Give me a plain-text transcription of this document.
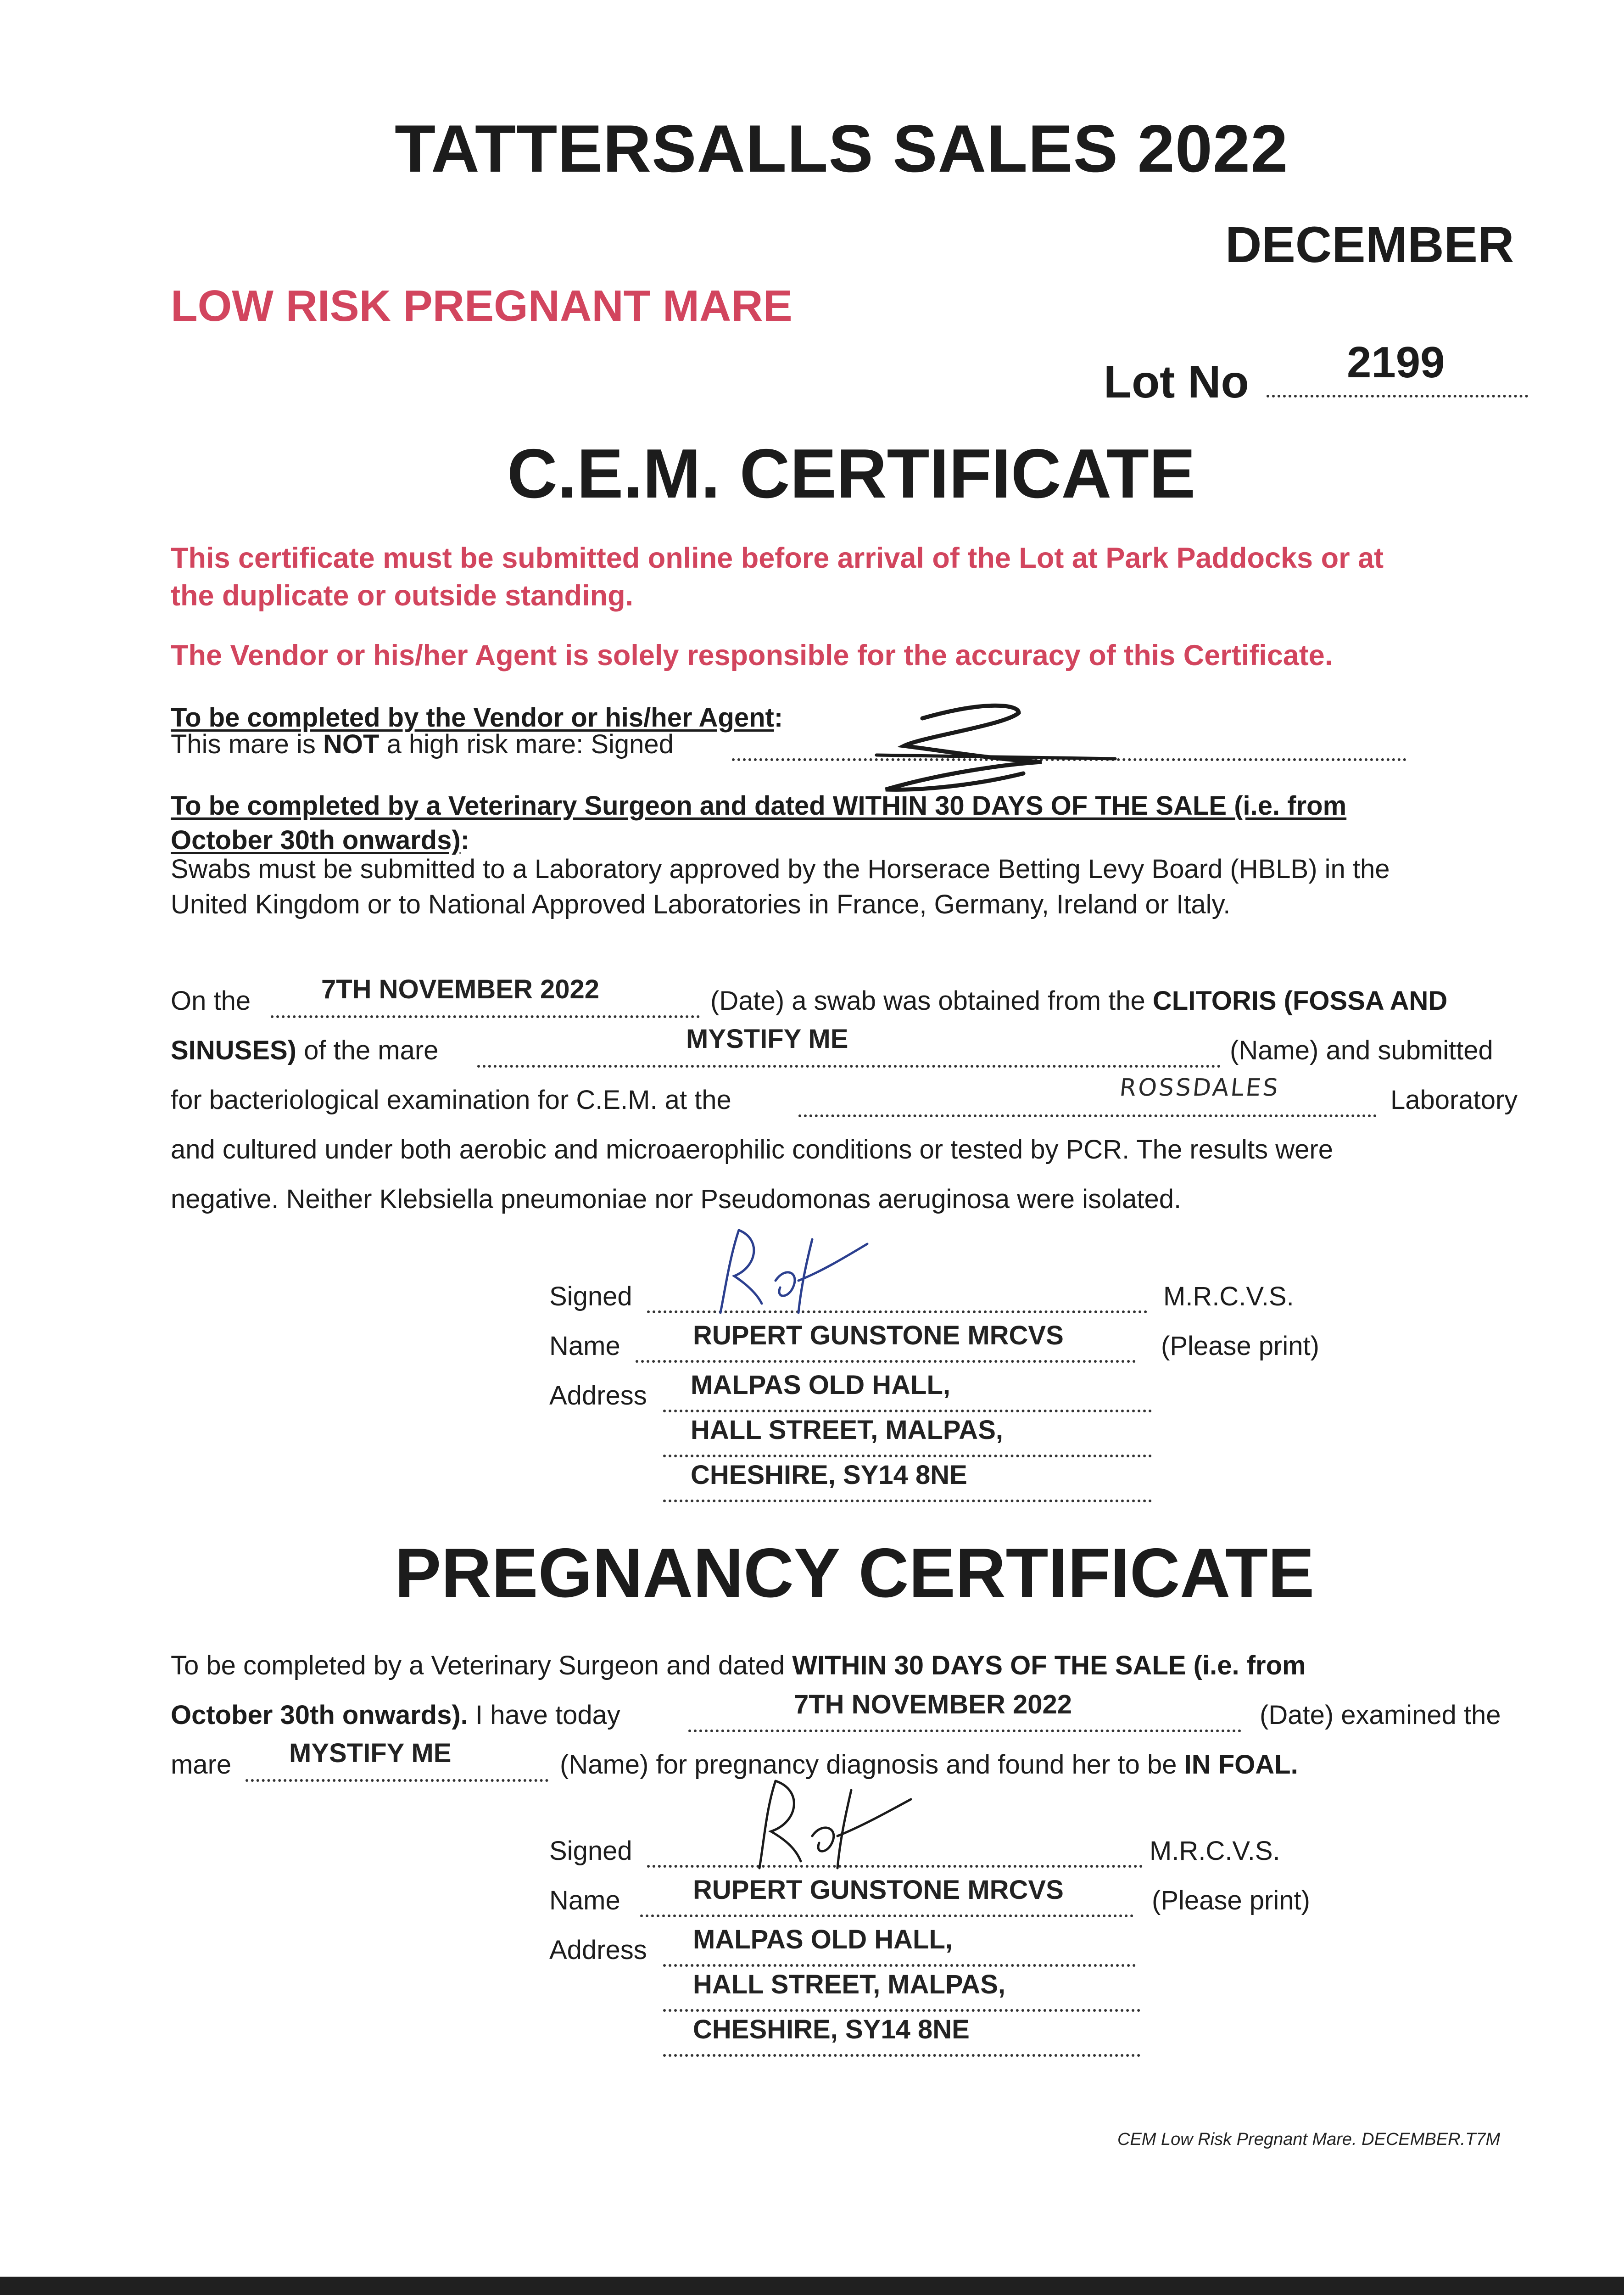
TATTERSALLS SALES 2022
DECEMBER
LOW RISK PREGNANT MARE
Lot No 2199
C.E.M. CERTIFICATE
This certificate must be submitted online before arrival of the Lot at Park Paddocks or at
the duplicate or outside standing.
The Vendor or his/her Agent is solely responsible for the accuracy of this Certificate.
To be completed by the Vendor or his/her Agent:
This mare is NOT a high risk mare: Signed
To be completed by a Veterinary Surgeon and dated WITHIN 30 DAYS OF THE SALE (i.e. from
October 30th onwards):
Swabs must be submitted to a Laboratory approved by the Horserace Betting Levy Board (HBLB) in the
United Kingdom or to National Approved Laboratories in France, Germany, Ireland or Italy.
On the	7TH NOVEMBER 2022	(Date) a swab was obtained from the CLITORIS (FOSSA AND
SINUSES) of the mare	MYSTIFY ME	(Name) and submitted
for bacteriological examination for C.E.M. at the	ROSSDALES	Laboratory
and cultured under both aerobic and microaerophilic conditions or tested by PCR. The results were
negative. Neither Klebsiella pneumoniae nor Pseudomonas aeruginosa were isolated.
Signed	M.R.C.V.S.
Name	RUPERT GUNSTONE MRCVS	(Please print)
Address MALPAS OLD HALL,
HALL STREET, MALPAS,
CHESHIRE, SY14 8NE
PREGNANCY CERTIFICATE
To be completed by a Veterinary Surgeon and dated WITHIN 30 DAYS OF THE SALE (i.e. from
October 30th onwards). I have today	7TH NOVEMBER 2022	(Date) examined the
mare MYSTIFY ME	(Name) for pregnancy diagnosis and found her to be IN FOAL.
Signed	M.R.C.V.S.
Name	RUPERT GUNSTONE MRCVS	(Please print)
Address MALPAS OLD HALL,
HALL STREET, MALPAS,
CHESHIRE, SY14 8NE
CEM Low Risk Pregnant Mare. DECEMBER.T7M
